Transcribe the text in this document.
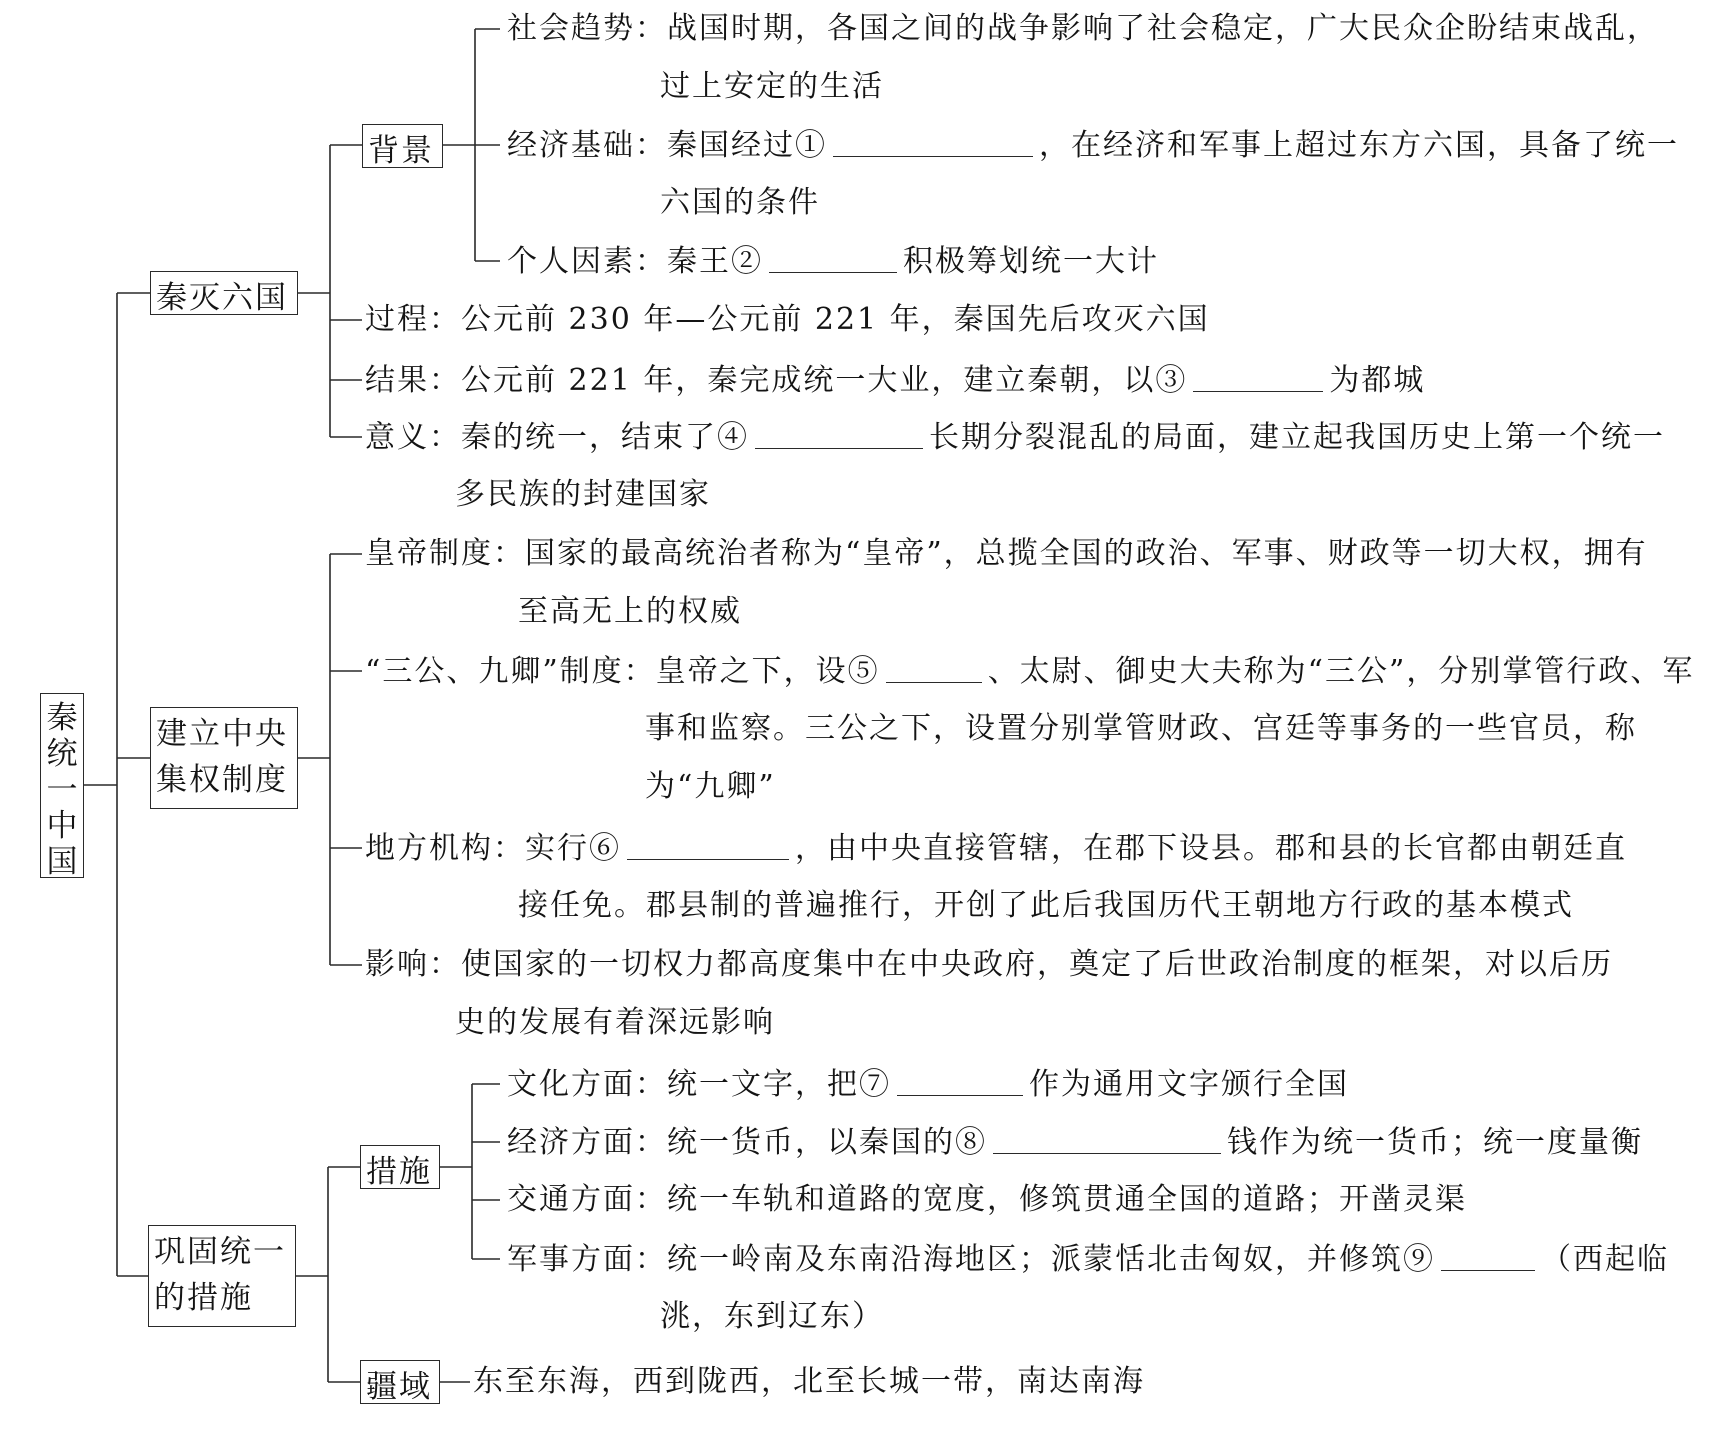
秦
统
一
中
国
秦灭六国
背景
社会趋势：战国时期，各国之间的战争影响了社会稳定，广大民众企盼结束战乱，
过上安定的生活
经济基础：秦国经过①	，在经济和军事上超过东方六国，具备了统一
六国的条件
个人因素：秦王②	积极筹划统一大计
过程：公元前 230 年—公元前 221 年，秦国先后攻灭六国
结果：公元前 221 年，秦完成统一大业，建立秦朝，以③	为都城
意义：秦的统一，结束了④	长期分裂混乱的局面，建立起我国历史上第一个统一
多民族的封建国家
建立中央
集权制度
皇帝制度：国家的最高统治者称为“皇帝”，总揽全国的政治、军事、财政等一切大权，拥有
至高无上的权威
“三公、九卿”制度：皇帝之下，设⑤	、太尉、御史大夫称为“三公”，分别掌管行政、军
事和监察。三公之下，设置分别掌管财政、宫廷等事务的一些官员，称
为“九卿”
地方机构：实行⑥	，由中央直接管辖，在郡下设县。郡和县的长官都由朝廷直
接任免。郡县制的普遍推行，开创了此后我国历代王朝地方行政的基本模式
影响：使国家的一切权力都高度集中在中央政府，奠定了后世政治制度的框架，对以后历
史的发展有着深远影响
巩固统一
的措施
措施
文化方面：统一文字，把⑦	作为通用文字颁行全国
经济方面：统一货币，以秦国的⑧	钱作为统一货币；统一度量衡
交通方面：统一车轨和道路的宽度，修筑贯通全国的道路；开凿灵渠
军事方面：统一岭南及东南沿海地区；派蒙恬北击匈奴，并修筑⑨	（西起临
洮，东到辽东）
疆域 东至东海，西到陇西，北至长城一带，南达南海
